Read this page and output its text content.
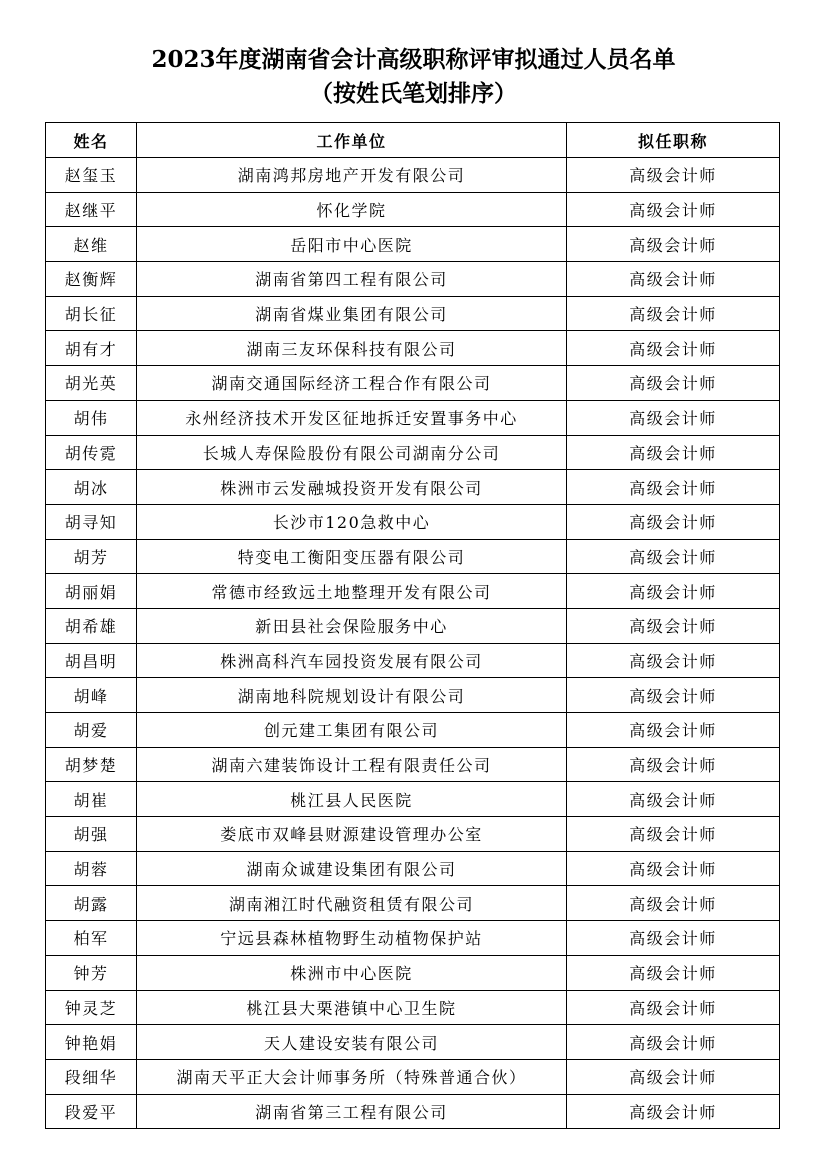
2023年度湖南省会计高级职称评审拟通过人员名单
（按姓氏笔划排序）
姓名	工作单位	拟任职称
赵玺玉	湖南鸿邦房地产开发有限公司	高级会计师
赵继平	怀化学院	高级会计师
赵维	岳阳市中心医院	高级会计师
赵衡辉	湖南省第四工程有限公司	高级会计师
胡长征	湖南省煤业集团有限公司	高级会计师
胡有才	湖南三友环保科技有限公司	高级会计师
胡光英	湖南交通国际经济工程合作有限公司	高级会计师
胡伟	永州经济技术开发区征地拆迁安置事务中心	高级会计师
胡传霓	长城人寿保险股份有限公司湖南分公司	高级会计师
胡冰	株洲市云发融城投资开发有限公司	高级会计师
胡寻知	长沙市120急救中心	高级会计师
胡芳	特变电工衡阳变压器有限公司	高级会计师
胡丽娟	常德市经致远土地整理开发有限公司	高级会计师
胡希雄	新田县社会保险服务中心	高级会计师
胡昌明	株洲高科汽车园投资发展有限公司	高级会计师
胡峰	湖南地科院规划设计有限公司	高级会计师
胡爱	创元建工集团有限公司	高级会计师
胡梦楚	湖南六建装饰设计工程有限责任公司	高级会计师
胡崔	桃江县人民医院	高级会计师
胡强	娄底市双峰县财源建设管理办公室	高级会计师
胡蓉	湖南众诚建设集团有限公司	高级会计师
胡露	湖南湘江时代融资租赁有限公司	高级会计师
柏军	宁远县森林植物野生动植物保护站	高级会计师
钟芳	株洲市中心医院	高级会计师
钟灵芝	桃江县大栗港镇中心卫生院	高级会计师
钟艳娟	天人建设安装有限公司	高级会计师
段细华	湖南天平正大会计师事务所（特殊普通合伙）	高级会计师
段爱平	湖南省第三工程有限公司	高级会计师
